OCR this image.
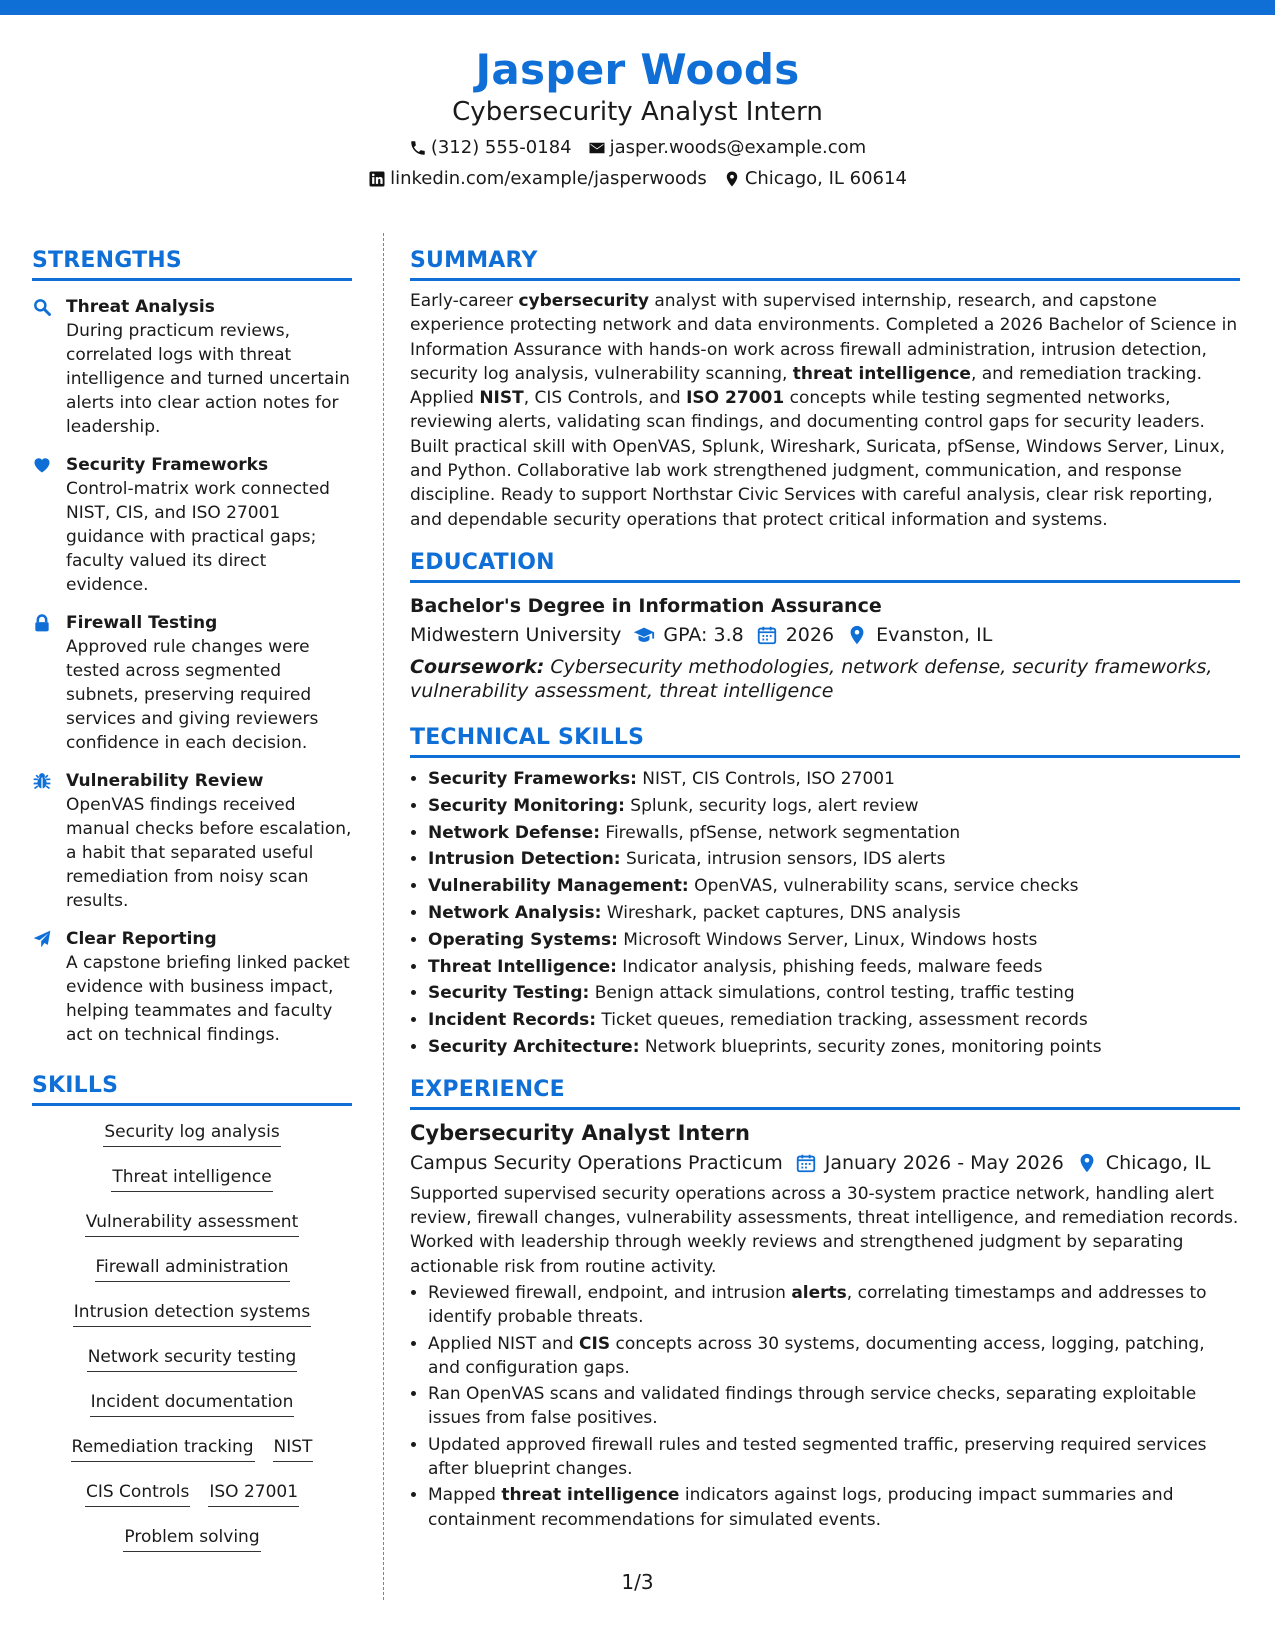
Jasper Woods
Cybersecurity Analyst Intern
(312) 555-0184 jasper.woods@example.com
linkedin.com/example/jasperwoods Chicago, IL 60614
STRENGTHS
Threat Analysis
During practicum reviews, correlated logs with threat intelligence and turned uncertain alerts into clear action notes for leadership.
Security Frameworks
Control-matrix work connected NIST, CIS, and ISO 27001 guidance with practical gaps; faculty valued its direct evidence.
Firewall Testing
Approved rule changes were tested across segmented subnets, preserving required services and giving reviewers confidence in each decision.
Vulnerability Review
OpenVAS findings received manual checks before escalation, a habit that separated useful remediation from noisy scan results.
Clear Reporting
A capstone briefing linked packet evidence with business impact, helping teammates and faculty act on technical findings.
SKILLS
Security log analysis
Threat intelligence
Vulnerability assessment
Firewall administration
Intrusion detection systems
Network security testing
Incident documentation
Remediation tracking NIST
CIS Controls ISO 27001
Problem solving
SUMMARY
Early-career cybersecurity analyst with supervised internship, research, and capstone experience protecting network and data environments. Completed a 2026 Bachelor of Science in Information Assurance with hands-on work across firewall administration, intrusion detection, security log analysis, vulnerability scanning, threat intelligence, and remediation tracking. Applied NIST, CIS Controls, and ISO 27001 concepts while testing segmented networks, reviewing alerts, validating scan findings, and documenting control gaps for security leaders. Built practical skill with OpenVAS, Splunk, Wireshark, Suricata, pfSense, Windows Server, Linux, and Python. Collaborative lab work strengthened judgment, communication, and response discipline. Ready to support Northstar Civic Services with careful analysis, clear risk reporting, and dependable security operations that protect critical information and systems.
EDUCATION
Bachelor's Degree in Information Assurance
Midwestern University GPA: 3.8 2026 Evanston, IL
Coursework: Cybersecurity methodologies, network defense, security frameworks, vulnerability assessment, threat intelligence
TECHNICAL SKILLS
• Security Frameworks: NIST, CIS Controls, ISO 27001
• Security Monitoring: Splunk, security logs, alert review
• Network Defense: Firewalls, pfSense, network segmentation
• Intrusion Detection: Suricata, intrusion sensors, IDS alerts
• Vulnerability Management: OpenVAS, vulnerability scans, service checks
• Network Analysis: Wireshark, packet captures, DNS analysis
• Operating Systems: Microsoft Windows Server, Linux, Windows hosts
• Threat Intelligence: Indicator analysis, phishing feeds, malware feeds
• Security Testing: Benign attack simulations, control testing, traffic testing
• Incident Records: Ticket queues, remediation tracking, assessment records
• Security Architecture: Network blueprints, security zones, monitoring points
EXPERIENCE
Cybersecurity Analyst Intern
Campus Security Operations Practicum January 2026 - May 2026 Chicago, IL
Supported supervised security operations across a 30-system practice network, handling alert review, firewall changes, vulnerability assessments, threat intelligence, and remediation records. Worked with leadership through weekly reviews and strengthened judgment by separating actionable risk from routine activity.
• Reviewed firewall, endpoint, and intrusion alerts, correlating timestamps and addresses to identify probable threats.
• Applied NIST and CIS concepts across 30 systems, documenting access, logging, patching, and configuration gaps.
• Ran OpenVAS scans and validated findings through service checks, separating exploitable issues from false positives.
• Updated approved firewall rules and tested segmented traffic, preserving required services after blueprint changes.
• Mapped threat intelligence indicators against logs, producing impact summaries and containment recommendations for simulated events.
1/3
